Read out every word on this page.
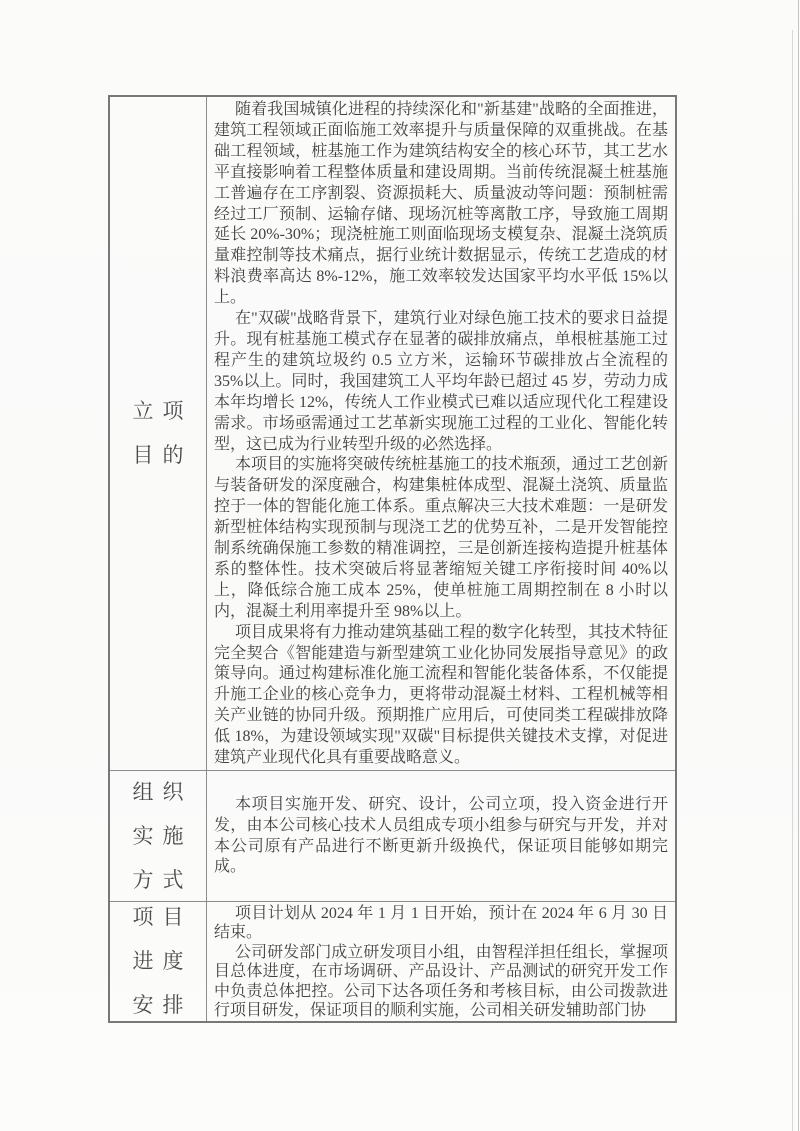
立项
目的

随着我国城镇化进程的持续深化和"新基建"战略的全面推进，建筑工程领域正面临施工效率提升与质量保障的双重挑战。在基础工程领域，桩基施工作为建筑结构安全的核心环节，其工艺水平直接影响着工程整体质量和建设周期。当前传统混凝土桩基施工普遍存在工序割裂、资源损耗大、质量波动等问题：预制桩需经过工厂预制、运输存储、现场沉桩等离散工序，导致施工周期延长 20%-30%；现浇桩施工则面临现场支模复杂、混凝土浇筑质量难控制等技术痛点，据行业统计数据显示，传统工艺造成的材料浪费率高达 8%-12%，施工效率较发达国家平均水平低 15%以上。

在"双碳"战略背景下，建筑行业对绿色施工技术的要求日益提升。现有桩基施工模式存在显著的碳排放痛点，单根桩基施工过程产生的建筑垃圾约 0.5 立方米，运输环节碳排放占全流程的 35%以上。同时，我国建筑工人平均年龄已超过 45 岁，劳动力成本年均增长 12%，传统人工作业模式已难以适应现代化工程建设需求。市场亟需通过工艺革新实现施工过程的工业化、智能化转型，这已成为行业转型升级的必然选择。

本项目的实施将突破传统桩基施工的技术瓶颈，通过工艺创新与装备研发的深度融合，构建集桩体成型、混凝土浇筑、质量监控于一体的智能化施工体系。重点解决三大技术难题：一是研发新型桩体结构实现预制与现浇工艺的优势互补，二是开发智能控制系统确保施工参数的精准调控，三是创新连接构造提升桩基体系的整体性。技术突破后将显著缩短关键工序衔接时间 40%以上，降低综合施工成本 25%，使单桩施工周期控制在 8 小时以内，混凝土利用率提升至 98%以上。

项目成果将有力推动建筑基础工程的数字化转型，其技术特征完全契合《智能建造与新型建筑工业化协同发展指导意见》的政策导向。通过构建标准化施工流程和智能化装备体系，不仅能提升施工企业的核心竞争力，更将带动混凝土材料、工程机械等相关产业链的协同升级。预期推广应用后，可使同类工程碳排放降低 18%，为建设领域实现"双碳"目标提供关键技术支撑，对促进建筑产业现代化具有重要战略意义。

组织
实施
方式

本项目实施开发、研究、设计，公司立项，投入资金进行开发，由本公司核心技术人员组成专项小组参与研究与开发，并对本公司原有产品进行不断更新升级换代，保证项目能够如期完成。

项目
进度
安排

项目计划从 2024 年 1 月 1 日开始，预计在 2024 年 6 月 30 日结束。

公司研发部门成立研发项目小组，由智程洋担任组长，掌握项目总体进度，在市场调研、产品设计、产品测试的研究开发工作中负责总体把控。公司下达各项任务和考核目标，由公司拨款进行项目研发，保证项目的顺利实施，公司相关研发辅助部门协
